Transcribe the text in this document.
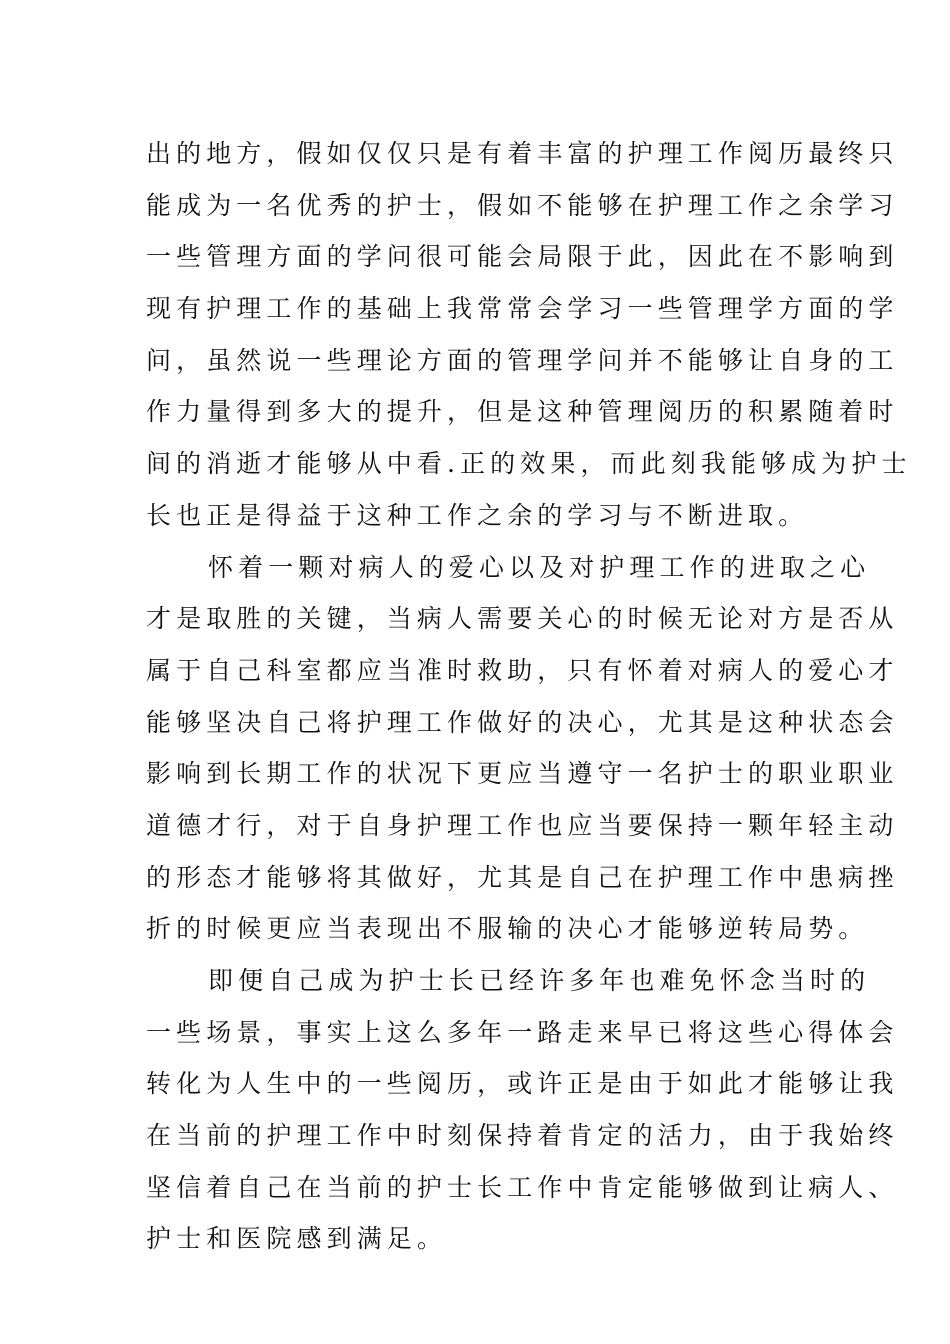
出的地方，假如仅仅只是有着丰富的护理工作阅历最终只
能成为一名优秀的护士，假如不能够在护理工作之余学习
一些管理方面的学问很可能会局限于此，因此在不影响到
现有护理工作的基础上我常常会学习一些管理学方面的学
问，虽然说一些理论方面的管理学问并不能够让自身的工
作力量得到多大的提升，但是这种管理阅历的积累随着时
间的消逝才能够从中看.正的效果，而此刻我能够成为护士
长也正是得益于这种工作之余的学习与不断进取。
怀着一颗对病人的爱心以及对护理工作的进取之心
才是取胜的关键，当病人需要关心的时候无论对方是否从
属于自己科室都应当准时救助，只有怀着对病人的爱心才
能够坚决自己将护理工作做好的决心，尤其是这种状态会
影响到长期工作的状况下更应当遵守一名护士的职业职业
道德才行，对于自身护理工作也应当要保持一颗年轻主动
的形态才能够将其做好，尤其是自己在护理工作中患病挫
折的时候更应当表现出不服输的决心才能够逆转局势。
即便自己成为护士长已经许多年也难免怀念当时的
一些场景，事实上这么多年一路走来早已将这些心得体会
转化为人生中的一些阅历，或许正是由于如此才能够让我
在当前的护理工作中时刻保持着肯定的活力，由于我始终
坚信着自己在当前的护士长工作中肯定能够做到让病人、
护士和医院感到满足。
